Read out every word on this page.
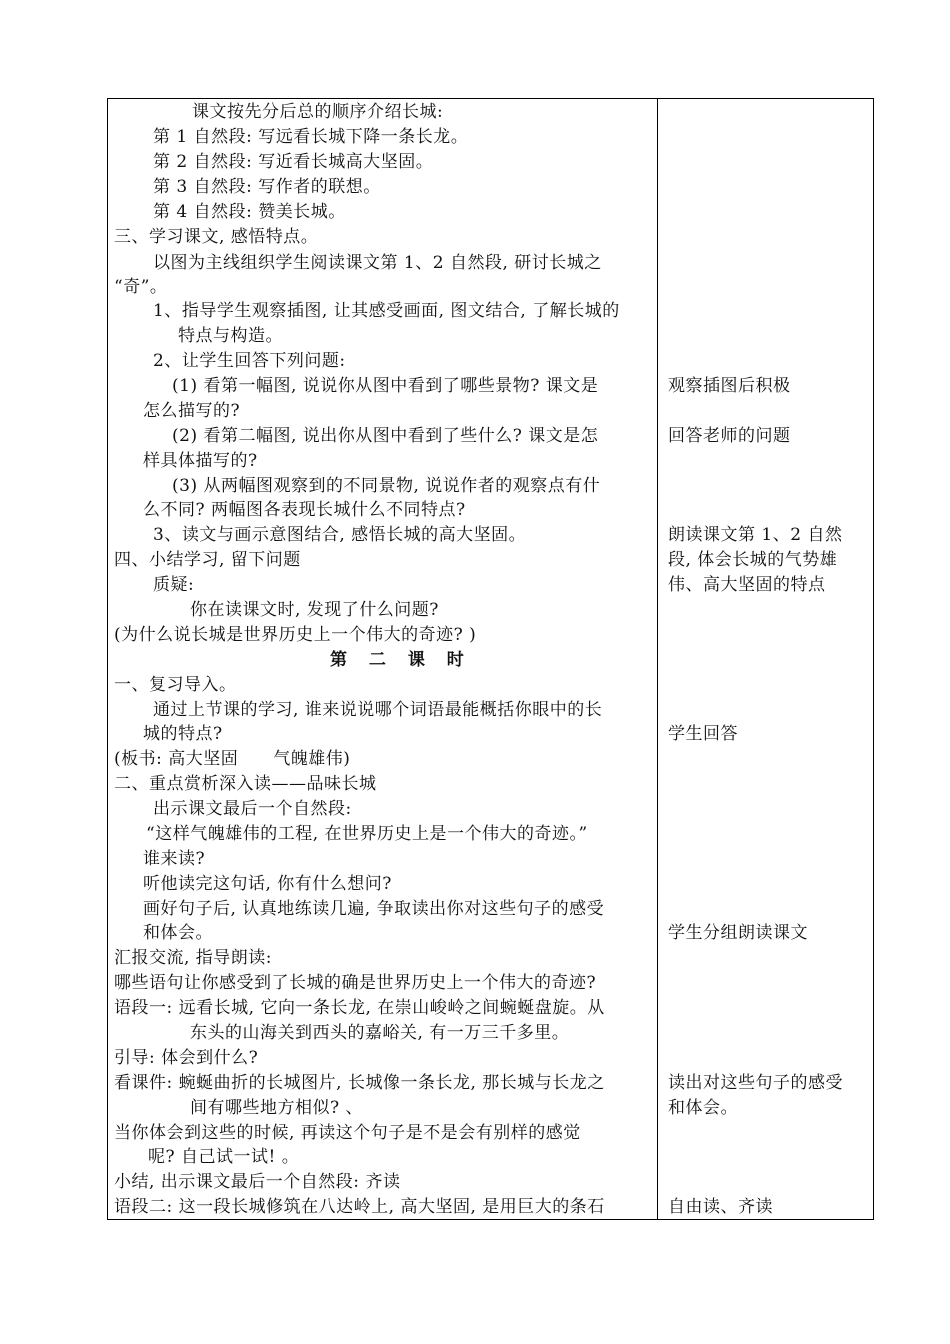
课文按先分后总的顺序介绍长城:
第 1 自然段: 写远看长城下降一条长龙。
第 2 自然段: 写近看长城高大坚固。
第 3 自然段: 写作者的联想。
第 4 自然段: 赞美长城。
三、学习课文, 感悟特点。
以图为主线组织学生阅读课文第 1、2 自然段, 研讨长城之
“奇”。
1、指导学生观察插图, 让其感受画面, 图文结合, 了解长城的
特点与构造。
2、让学生回答下列问题:
(1) 看第一幅图, 说说你从图中看到了哪些景物? 课文是
怎么描写的?
(2) 看第二幅图, 说出你从图中看到了些什么? 课文是怎
样具体描写的?
(3) 从两幅图观察到的不同景物, 说说作者的观察点有什
么不同? 两幅图各表现长城什么不同特点?
3、读文与画示意图结合, 感悟长城的高大坚固。
四、小结学习, 留下问题
质疑:
你在读课文时, 发现了什么问题?
(为什么说长城是世界历史上一个伟大的奇迹? )
第 二 课 时
一、复习导入。
通过上节课的学习, 谁来说说哪个词语最能概括你眼中的长
城的特点?
(板书: 高大坚固　　气魄雄伟)
二、重点赏析深入读——品味长城
出示课文最后一个自然段:
“这样气魄雄伟的工程, 在世界历史上是一个伟大的奇迹。”
谁来读?
听他读完这句话, 你有什么想问?
画好句子后, 认真地练读几遍, 争取读出你对这些句子的感受
和体会。
汇报交流, 指导朗读:
哪些语句让你感受到了长城的确是世界历史上一个伟大的奇迹?
语段一: 远看长城, 它向一条长龙, 在崇山峻岭之间蜿蜒盘旋。从
东头的山海关到西头的嘉峪关, 有一万三千多里。
引导: 体会到什么?
看课件: 蜿蜒曲折的长城图片, 长城像一条长龙, 那长城与长龙之
间有哪些地方相似? 、
当你体会到这些的时候, 再读这个句子是不是会有别样的感觉
呢? 自己试一试! 。
小结, 出示课文最后一个自然段: 齐读
语段二: 这一段长城修筑在八达岭上, 高大坚固, 是用巨大的条石
观察插图后积极
回答老师的问题
朗读课文第 1、2 自然
段, 体会长城的气势雄
伟、高大坚固的特点
学生回答
学生分组朗读课文
读出对这些句子的感受
和体会。
自由读、齐读
